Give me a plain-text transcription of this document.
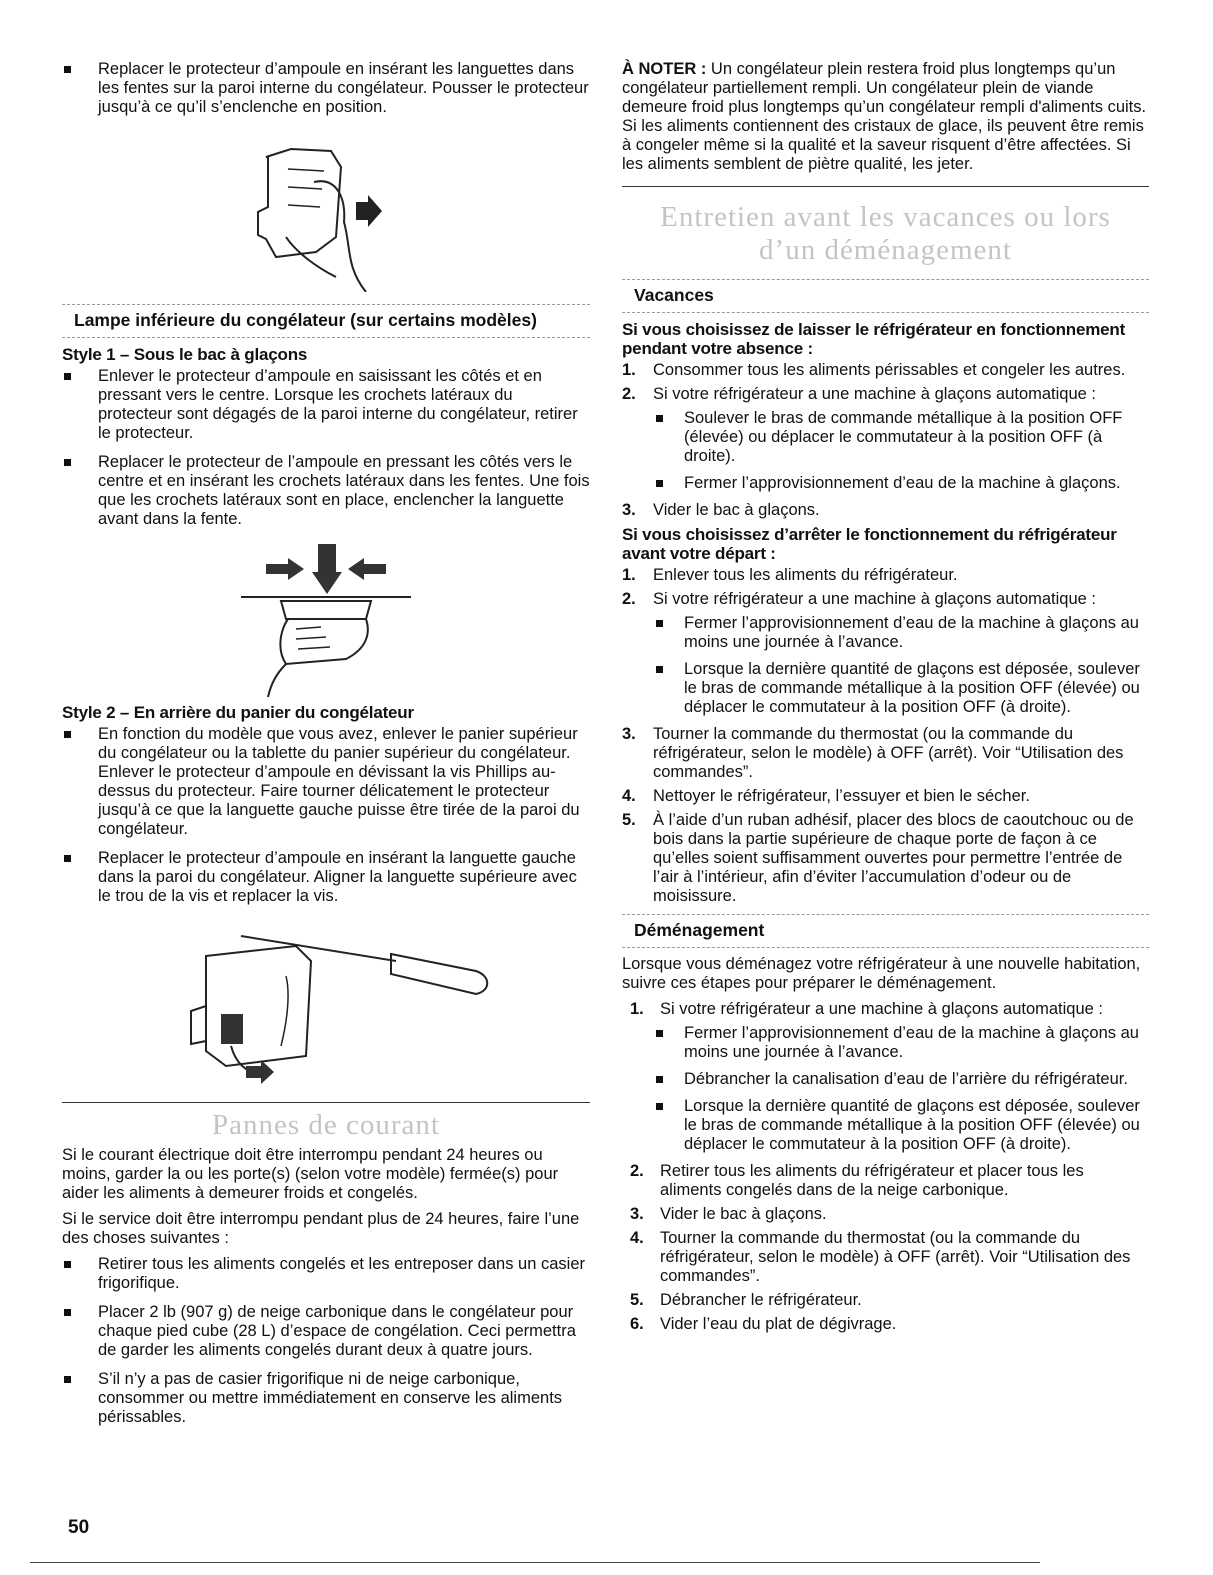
Replacer le protecteur d’ampoule en insérant les languettes dans les fentes sur la paroi interne du congélateur. Pousser le protecteur jusqu’à ce qu’il s’enclenche en position.
Lampe inférieure du congélateur (sur certains modèles)
Style 1 – Sous le bac à glaçons
Enlever le protecteur d’ampoule en saisissant les côtés et en pressant vers le centre. Lorsque les crochets latéraux du protecteur sont dégagés de la paroi interne du congélateur, retirer le protecteur.
Replacer le protecteur de l’ampoule en pressant les côtés vers le centre et en insérant les crochets latéraux dans les fentes. Une fois que les crochets latéraux sont en place, enclencher la languette avant dans la fente.
Style 2 – En arrière du panier du congélateur
En fonction du modèle que vous avez, enlever le panier supérieur du congélateur ou la tablette du panier supérieur du congélateur. Enlever le protecteur d’ampoule en dévissant la vis Phillips au-dessus du protecteur. Faire tourner délicatement le protecteur jusqu’à ce que la languette gauche puisse être tirée de la paroi du congélateur.
Replacer le protecteur d’ampoule en insérant la languette gauche dans la paroi du congélateur. Aligner la languette supérieure avec le trou de la vis et replacer la vis.
Pannes de courant

Si le courant électrique doit être interrompu pendant 24 heures ou moins, garder la ou les porte(s) (selon votre modèle) fermée(s) pour aider les aliments à demeurer froids et congelés.

Si le service doit être interrompu pendant plus de 24 heures, faire l’une des choses suivantes :

Retirer tous les aliments congelés et les entreposer dans un casier frigorifique.
Placer 2 lb (907 g) de neige carbonique dans le congélateur pour chaque pied cube (28 L) d’espace de congélation. Ceci permettra de garder les aliments congelés durant deux à quatre jours.
S’il n’y a pas de casier frigorifique ni de neige carbonique, consommer ou mettre immédiatement en conserve les aliments périssables.

À NOTER : Un congélateur plein restera froid plus longtemps qu’un congélateur partiellement rempli. Un congélateur plein de viande demeure froid plus longtemps qu’un congélateur rempli d'aliments cuits. Si les aliments contiennent des cristaux de glace, ils peuvent être remis à congeler même si la qualité et la saveur risquent d’être affectées. Si les aliments semblent de piètre qualité, les jeter.

Entretien avant les vacances ou lors
d’un déménagement
Vacances
Si vous choisissez de laisser le réfrigérateur en fonctionnement pendant votre absence :
1. Consommer tous les aliments périssables et congeler les autres.
2. Si votre réfrigérateur a une machine à glaçons automatique :
Soulever le bras de commande métallique à la position OFF (élevée) ou déplacer le commutateur à la position OFF (à droite).
Fermer l’approvisionnement d’eau de la machine à glaçons.
3. Vider le bac à glaçons.
Si vous choisissez d’arrêter le fonctionnement du réfrigérateur avant votre départ :
1. Enlever tous les aliments du réfrigérateur.
2. Si votre réfrigérateur a une machine à glaçons automatique :
Fermer l’approvisionnement d’eau de la machine à glaçons au moins une journée à l’avance.
Lorsque la dernière quantité de glaçons est déposée, soulever le bras de commande métallique à la position OFF (élevée) ou déplacer le commutateur à la position OFF (à droite).
3. Tourner la commande du thermostat (ou la commande du réfrigérateur, selon le modèle) à OFF (arrêt). Voir “Utilisation des commandes”.
4. Nettoyer le réfrigérateur, l’essuyer et bien le sécher.
5. À l’aide d’un ruban adhésif, placer des blocs de caoutchouc ou de bois dans la partie supérieure de chaque porte de façon à ce qu’elles soient suffisamment ouvertes pour permettre l’entrée de l’air à l’intérieur, afin d’éviter l’accumulation d’odeur ou de moisissure.
Déménagement

Lorsque vous déménagez votre réfrigérateur à une nouvelle habitation, suivre ces étapes pour préparer le déménagement.

1. Si votre réfrigérateur a une machine à glaçons automatique :
Fermer l’approvisionnement d’eau de la machine à glaçons au moins une journée à l’avance.
Débrancher la canalisation d’eau de l’arrière du réfrigérateur.
Lorsque la dernière quantité de glaçons est déposée, soulever le bras de commande métallique à la position OFF (élevée) ou déplacer le commutateur à la position OFF (à droite).
2. Retirer tous les aliments du réfrigérateur et placer tous les aliments congelés dans de la neige carbonique.
3. Vider le bac à glaçons.
4. Tourner la commande du thermostat (ou la commande du réfrigérateur, selon le modèle) à OFF (arrêt). Voir “Utilisation des commandes”.
5. Débrancher le réfrigérateur.
6. Vider l’eau du plat de dégivrage.
50
